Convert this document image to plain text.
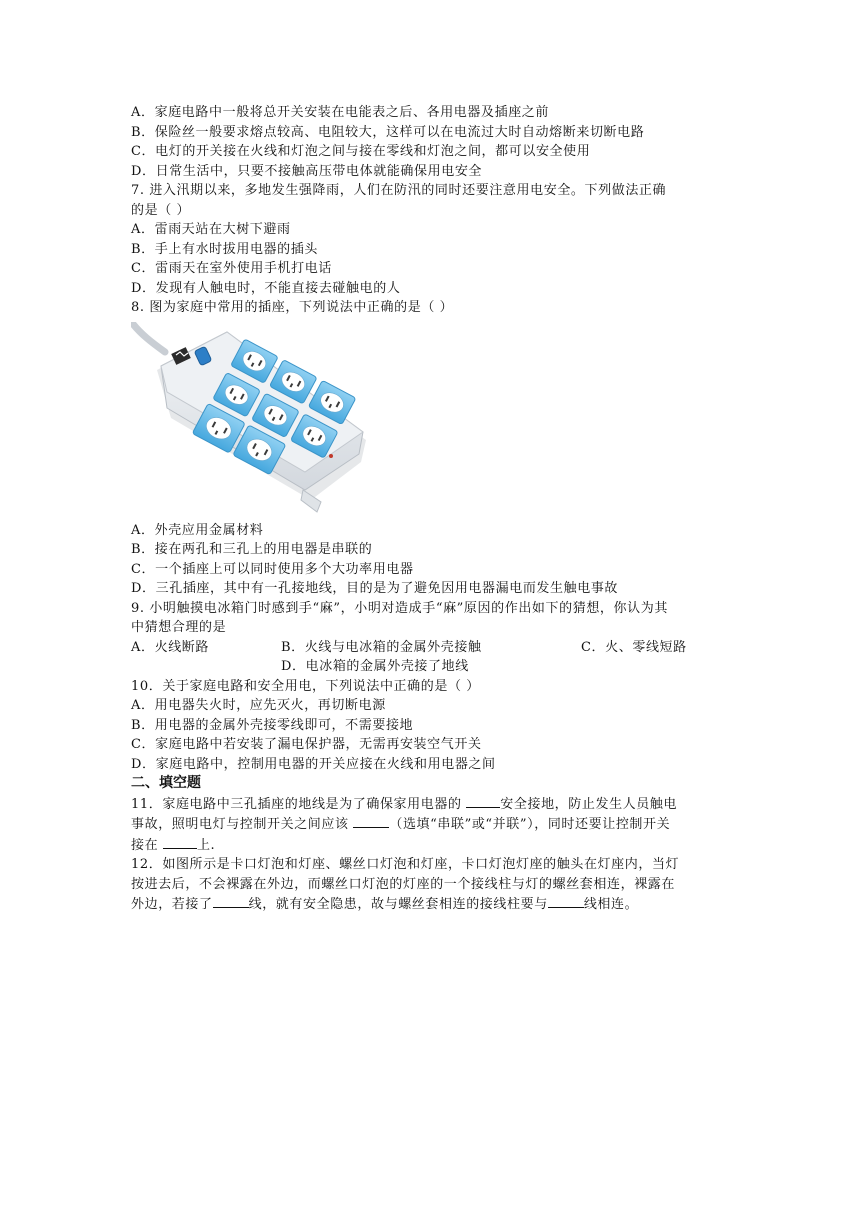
A．家庭电路中一般将总开关安装在电能表之后、各用电器及插座之前
B．保险丝一般要求熔点较高、电阻较大，这样可以在电流过大时自动熔断来切断电路
C．电灯的开关接在火线和灯泡之间与接在零线和灯泡之间，都可以安全使用
D．日常生活中，只要不接触高压带电体就能确保用电安全
7. 进入汛期以来，多地发生强降雨，人们在防汛的同时还要注意用电安全。下列做法正确
的是（ ）
A．雷雨天站在大树下避雨
B．手上有水时拔用电器的插头
C．雷雨天在室外使用手机打电话
D．发现有人触电时，不能直接去碰触电的人
8. 图为家庭中常用的插座，下列说法中正确的是（ ）
A．外壳应用金属材料
B．接在两孔和三孔上的用电器是串联的
C．一个插座上可以同时使用多个大功率用电器
D．三孔插座，其中有一孔接地线，目的是为了避免因用电器漏电而发生触电事故
9. 小明触摸电冰箱门时感到手“麻”，小明对造成手“麻”原因的作出如下的猜想，你认为其
中猜想合理的是
A．火线断路	B．火线与电冰箱的金属外壳接触	C．火、零线短路
D．电冰箱的金属外壳接了地线
10．关于家庭电路和安全用电，下列说法中正确的是（ ）
A．用电器失火时，应先灭火，再切断电源
B．用电器的金属外壳接零线即可，不需要接地
C．家庭电路中若安装了漏电保护器，无需再安装空气开关
D．家庭电路中，控制用电器的开关应接在火线和用电器之间
二、填空题
11．家庭电路中三孔插座的地线是为了确保家用电器的	安全接地，防止发生人员触电
事故，照明电灯与控制开关之间应该	（选填“串联”或“并联”），同时还要让控制开关
接在	上.
12．如图所示是卡口灯泡和灯座、螺丝口灯泡和灯座，卡口灯泡灯座的触头在灯座内，当灯
按进去后，不会裸露在外边，而螺丝口灯泡的灯座的一个接线柱与灯的螺丝套相连，裸露在
外边，若接了	线，就有安全隐患，故与螺丝套相连的接线柱要与	线相连。
